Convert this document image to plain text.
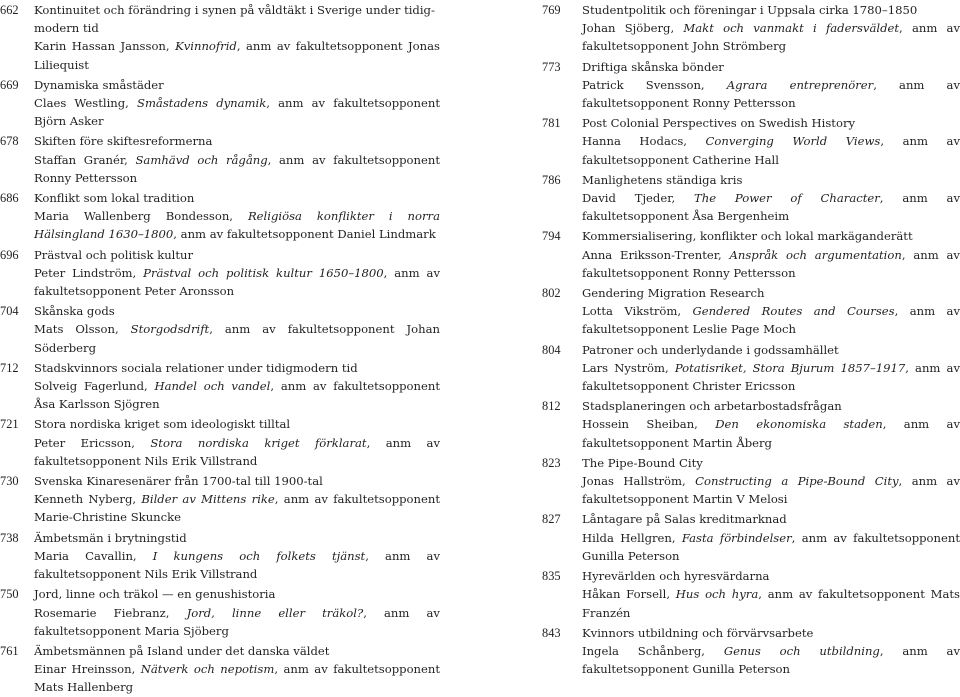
662	Kontinuitet och förändring i synen på våldtäkt i Sverige under tidigmodern tid
Karin Hassan Jansson, Kvinnofrid, anm av fakultetsopponent Jonas Liliequist
669	Dynamiska småstäder
Claes Westling, Småstadens dynamik, anm av fakultetsopponent Björn Asker
678	Skiften före skiftesreformerna
Staffan Granér, Samhävd och rågång, anm av fakultetsopponent Ronny Pettersson
686	Konflikt som lokal tradition
Maria Wallenberg Bondesson, Religiösa konflikter i norra Hälsingland 1630–1800, anm av fakultetsopponent Daniel Lindmark
696	Prästval och politisk kultur
Peter Lindström, Prästval och politisk kultur 1650–1800, anm av fakultetsopponent Peter Aronsson
704	Skånska gods
Mats Olsson, Storgodsdrift, anm av fakultetsopponent Johan Söderberg
712	Stadskvinnors sociala relationer under tidigmodern tid
Solveig Fagerlund, Handel och vandel, anm av fakultetsopponent Åsa Karlsson Sjögren
721	Stora nordiska kriget som ideologiskt tilltal
Peter Ericsson, Stora nordiska kriget förklarat, anm av fakultetsopponent Nils Erik Villstrand
730	Svenska Kinaresenärer från 1700-tal till 1900-tal
Kenneth Nyberg, Bilder av Mittens rike, anm av fakultetsopponent Marie-Christine Skuncke
738	Ämbetsmän i brytningstid
Maria Cavallin, I kungens och folkets tjänst, anm av fakultetsopponent Nils Erik Villstrand
750	Jord, linne och träkol — en genushistoria
Rosemarie Fiebranz, Jord, linne eller träkol?, anm av fakultetsopponent Maria Sjöberg
761	Ämbetsmännen på Island under det danska väldet
Einar Hreinsson, Nätverk och nepotism, anm av fakultetsopponent Mats Hallenberg
769	Studentpolitik och föreningar i Uppsala cirka 1780–1850
Johan Sjöberg, Makt och vanmakt i fadersväldet, anm av fakultetsopponent John Strömberg
773	Driftiga skånska bönder
Patrick Svensson, Agrara entreprenörer, anm av fakultetsopponent Ronny Pettersson
781	Post Colonial Perspectives on Swedish History
Hanna Hodacs, Converging World Views, anm av fakultetsopponent Catherine Hall
786	Manlighetens ständiga kris
David Tjeder, The Power of Character, anm av fakultetsopponent Åsa Bergenheim
794	Kommersialisering, konflikter och lokal markäganderätt
Anna Eriksson-Trenter, Anspråk och argumentation, anm av fakultetsopponent Ronny Pettersson
802	Gendering Migration Research
Lotta Vikström, Gendered Routes and Courses, anm av fakultetsopponent Leslie Page Moch
804	Patroner och underlydande i godssamhället
Lars Nyström, Potatisriket, Stora Bjurum 1857–1917, anm av fakultetsopponent Christer Ericsson
812	Stadsplaneringen och arbetarbostadsfrågan
Hossein Sheiban, Den ekonomiska staden, anm av fakultetsopponent Martin Åberg
823	The Pipe-Bound City
Jonas Hallström, Constructing a Pipe-Bound City, anm av fakultetsopponent Martin V Melosi
827	Låntagare på Salas kreditmarknad
Hilda Hellgren, Fasta förbindelser, anm av fakultetsopponent Gunilla Peterson
835	Hyrevärlden och hyresvärdarna
Håkan Forsell, Hus och hyra, anm av fakultetsopponent Mats Franzén
843	Kvinnors utbildning och förvärvsarbete
Ingela Schånberg, Genus och utbildning, anm av fakultetsopponent Gunilla Peterson
